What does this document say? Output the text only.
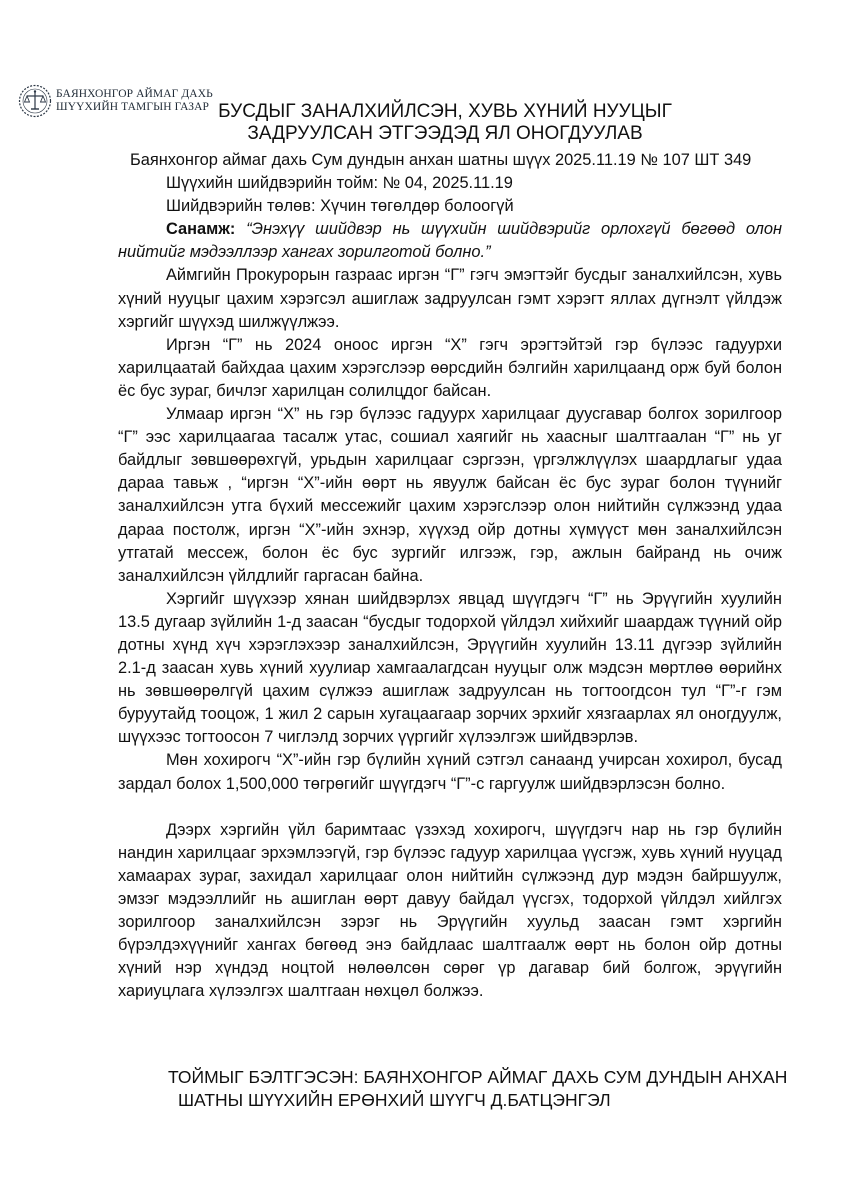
БАЯНХОНГОР АЙМАГ ДАХЬ
ШҮҮХИЙН ТАМГЫН ГАЗАР БУСДЫГ ЗАНАЛХИЙЛСЭН, ХУВЬ ХҮНИЙ НУУЦЫГ
ЗАДРУУЛСАН ЭТГЭЭДЭД ЯЛ ОНОГДУУЛАВ
Баянхонгор аймаг дахь Сум дундын анхан шатны шүүх 2025.11.19 № 107 ШТ 349
Шүүхийн шийдвэрийн тойм: № 04, 2025.11.19
Шийдвэрийн төлөв: Хүчин төгөлдөр болоогүй
Санамж: “Энэхүү шийдвэр нь шүүхийн шийдвэрийг орлохгүй бөгөөд олон нийтийг мэдээллээр хангах зорилготой болно.”

Аймгийн Прокурорын газраас иргэн “Г” гэгч эмэгтэйг бусдыг заналхийлсэн, хувь хүний нууцыг цахим хэрэгсэл ашиглаж задруулсан гэмт хэрэгт яллах дүгнэлт үйлдэж хэргийг шүүхэд шилжүүлжээ.

Иргэн “Г” нь 2024 оноос иргэн “Х” гэгч эрэгтэйтэй гэр бүлээс гадуурхи харилцаатай байхдаа цахим хэрэгслээр өөрсдийн бэлгийн харилцаанд орж буй болон ёс бус зураг, бичлэг харилцан солилцдог байсан.

Улмаар иргэн “Х” нь гэр бүлээс гадуурх харилцааг дуусгавар болгох зорилгоор “Г” ээс харилцаагаа тасалж утас, сошиал хаягийг нь хаасныг шалтгаалан “Г” нь уг байдлыг зөвшөөрөхгүй, урьдын харилцааг сэргээн, үргэлжлүүлэх шаардлагыг удаа дараа тавьж , “иргэн “Х”-ийн өөрт нь явуулж байсан ёс бус зураг болон түүнийг заналхийлсэн утга бүхий мессежийг цахим хэрэгслээр олон нийтийн сүлжээнд удаа дараа постолж, иргэн “Х”-ийн эхнэр, хүүхэд ойр дотны хүмүүст мөн заналхийлсэн утгатай мессеж, болон ёс бус зургийг илгээж, гэр, ажлын байранд нь очиж заналхийлсэн үйлдлийг гаргасан байна.

Хэргийг шүүхээр хянан шийдвэрлэх явцад шүүгдэгч “Г” нь Эрүүгийн хуулийн 13.5 дугаар зүйлийн 1-д заасан “бусдыг тодорхой үйлдэл хийхийг шаардаж түүний ойр дотны хүнд хүч хэрэглэхээр заналхийлсэн, Эрүүгийн хуулийн 13.11 дүгээр зүйлийн 2.1-д заасан хувь хүний хуулиар хамгаалагдсан нууцыг олж мэдсэн мөртлөө өөрийнх нь зөвшөөрөлгүй цахим сүлжээ ашиглаж задруулсан нь тогтоогдсон тул “Г”-г гэм буруутайд тооцож, 1 жил 2 сарын хугацаагаар зорчих эрхийг хязгаарлах ял оногдуулж, шүүхээс тогтоосон 7 чиглэлд зорчих үүргийг хүлээлгэж шийдвэрлэв.

Мөн хохирогч “Х”-ийн гэр бүлийн хүний сэтгэл санаанд учирсан хохирол, бусад зардал болох 1,500,000 төгрөгийг шүүгдэгч “Г”-с гаргуулж шийдвэрлэсэн болно.

Дээрх хэргийн үйл баримтаас үзэхэд хохирогч, шүүгдэгч нар нь гэр бүлийн нандин харилцааг эрхэмлээгүй, гэр бүлээс гадуур харилцаа үүсгэж, хувь хүний нууцад хамаарах зураг, захидал харилцааг олон нийтийн сүлжээнд дур мэдэн байршуулж, эмзэг мэдээллийг нь ашиглан өөрт давуу байдал үүсгэх, тодорхой үйлдэл хийлгэх зорилгоор заналхийлсэн зэрэг нь Эрүүгийн хуульд заасан гэмт хэргийн бүрэлдэхүүнийг хангах бөгөөд энэ байдлаас шалтгаалж өөрт нь болон ойр дотны хүний нэр хүндэд ноцтой нөлөөлсөн сөрөг үр дагавар бий болгож, эрүүгийн хариуцлага хүлээлгэх шалтгаан нөхцөл болжээ.

ТОЙМЫГ БЭЛТГЭСЭН: БАЯНХОНГОР АЙМАГ ДАХЬ СУМ ДУНДЫН АНХАН
ШАТНЫ ШҮҮХИЙН ЕРӨНХИЙ ШҮҮГЧ Д.БАТЦЭНГЭЛ
